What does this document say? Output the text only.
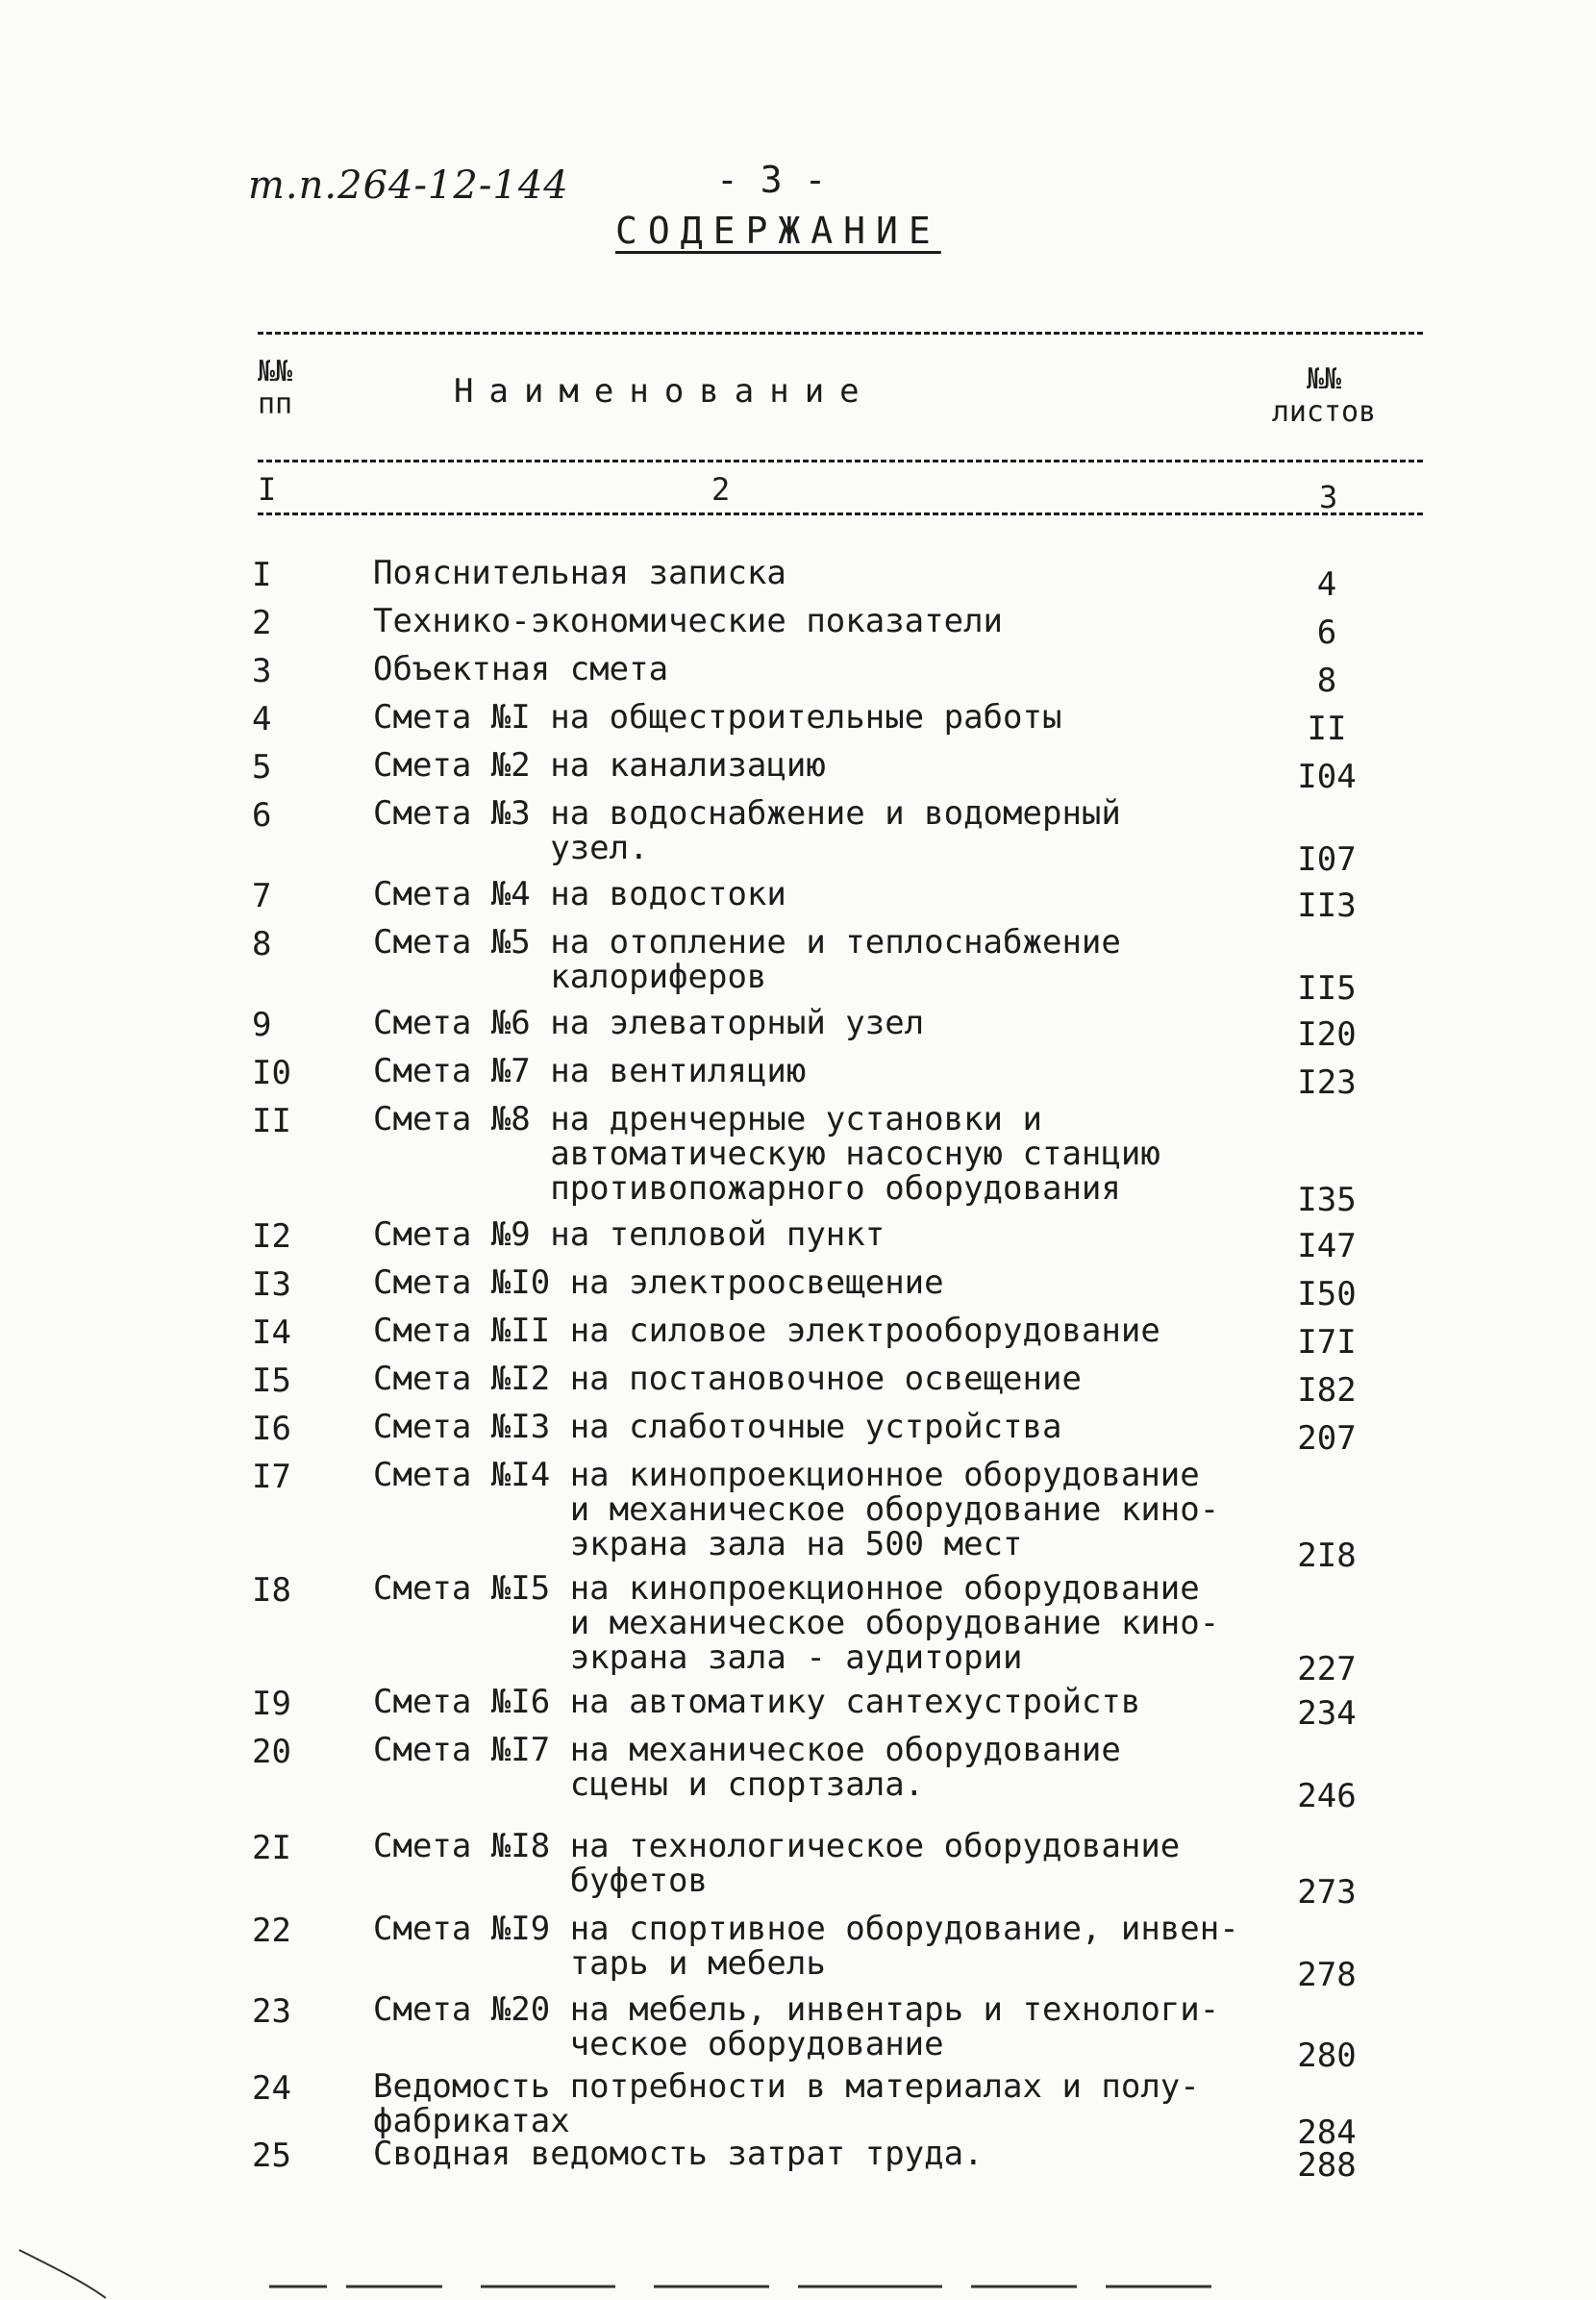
т.п.264-12-144	- 3 -
СОДЕРЖАНИЕ
№№
пп	Наименование	№№
листов
I	2	3
I	Пояснительная записка	4
2	Технико-экономические показатели	6
3	Объектная смета	8
4	Смета №I на общестроительные работы	II
5	Смета №2 на канализацию	I04
6	Смета №3 на водоснабжение и водомерный
узел.	I07
7	Смета №4 на водостоки	II3
8	Смета №5 на отопление и теплоснабжение
калориферов	II5
9	Смета №6 на элеваторный узел	I20
I0	Смета №7 на вентиляцию	I23
II	Смета №8 на дренчерные установки и
автоматическую насосную станцию
противопожарного оборудования	I35
I2	Смета №9 на тепловой пункт	I47
I3	Смета №I0 на электроосвещение	I50
I4	Смета №II на силовое электрооборудование	I7I
I5	Смета №I2 на постановочное освещение	I82
I6	Смета №I3 на слаботочные устройства	207
I7	Смета №I4 на кинопроекционное оборудование
и механическое оборудование кино-
экрана зала на 500 мест	2I8
I8	Смета №I5 на кинопроекционное оборудование
и механическое оборудование кино-
экрана зала - аудитории	227
I9	Смета №I6 на автоматику сантехустройств	234
20	Смета №I7 на механическое оборудование
сцены и спортзала.	246
2I	Смета №I8 на технологическое оборудование
буфетов	273
22	Смета №I9 на спортивное оборудование, инвен-
тарь и мебель	278
23	Смета №20 на мебель, инвентарь и технологи-
ческое оборудование	280
24	Ведомость потребности в материалах и полу-
фабрикатах	284
25	Сводная ведомость затрат труда.	288
